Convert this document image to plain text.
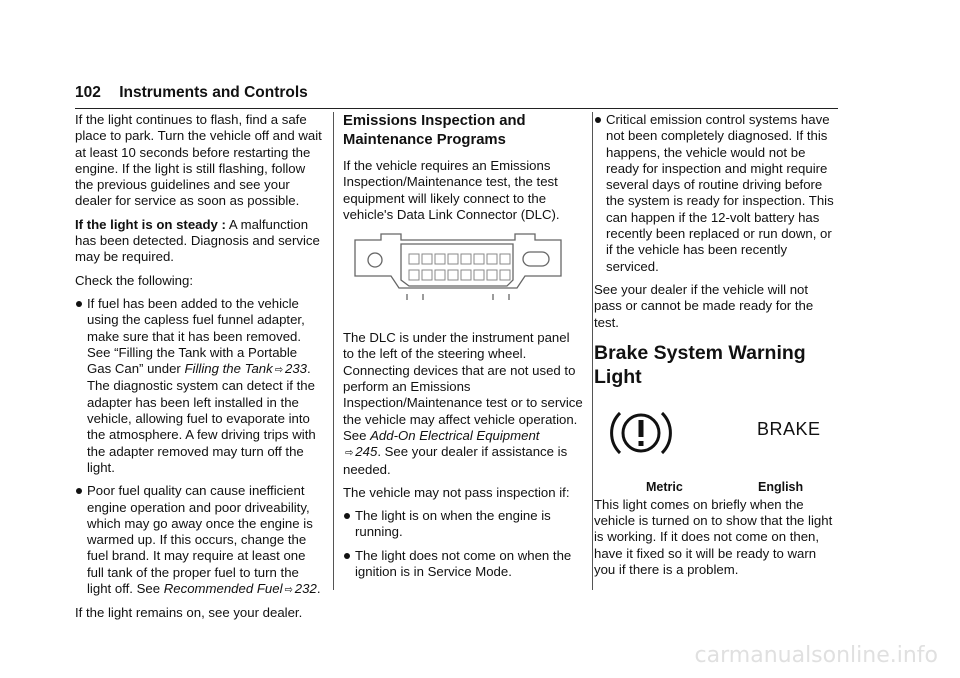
102 Instruments and Controls

If the light continues to flash, find a safe place to park. Turn the vehicle off and wait at least 10 seconds before restarting the engine. If the light is still flashing, follow the previous guidelines and see your dealer for service as soon as possible.

If the light is on steady : A malfunction has been detected. Diagnosis and service may be required.

Check the following:

If fuel has been added to the vehicle using the capless fuel funnel adapter, make sure that it has been removed. See “Filling the Tank with a Portable Gas Can” under Filling the Tank ⇨ 233. The diagnostic system can detect if the adapter has been left installed in the vehicle, allowing fuel to evaporate into the atmosphere. A few driving trips with the adapter removed may turn off the light.
Poor fuel quality can cause inefficient engine operation and poor driveability, which may go away once the engine is warmed up. If this occurs, change the fuel brand. It may require at least one full tank of the proper fuel to turn the light off. See Recommended Fuel ⇨ 232.

If the light remains on, see your dealer.

Emissions Inspection and Maintenance Programs

If the vehicle requires an Emissions Inspection/Maintenance test, the test equipment will likely connect to the vehicle's Data Link Connector (DLC).

The DLC is under the instrument panel to the left of the steering wheel. Connecting devices that are not used to perform an Emissions Inspection/Maintenance test or to service the vehicle may affect vehicle operation. See Add-On Electrical Equipment
⇨ 245. See your dealer if assistance is needed.

The vehicle may not pass inspection if:

The light is on when the engine is running.
The light does not come on when the ignition is in Service Mode.
Critical emission control systems have not been completely diagnosed. If this happens, the vehicle would not be ready for inspection and might require several days of routine driving before the system is ready for inspection. This can happen if the 12-volt battery has recently been replaced or run down, or if the vehicle has been recently serviced.

See your dealer if the vehicle will not pass or cannot be made ready for the test.

Brake System Warning Light
BRAKE
Metric	English

This light comes on briefly when the vehicle is turned on to show that the light is working. If it does not come on then, have it fixed so it will be ready to warn you if there is a problem.

carmanualsonline.info
